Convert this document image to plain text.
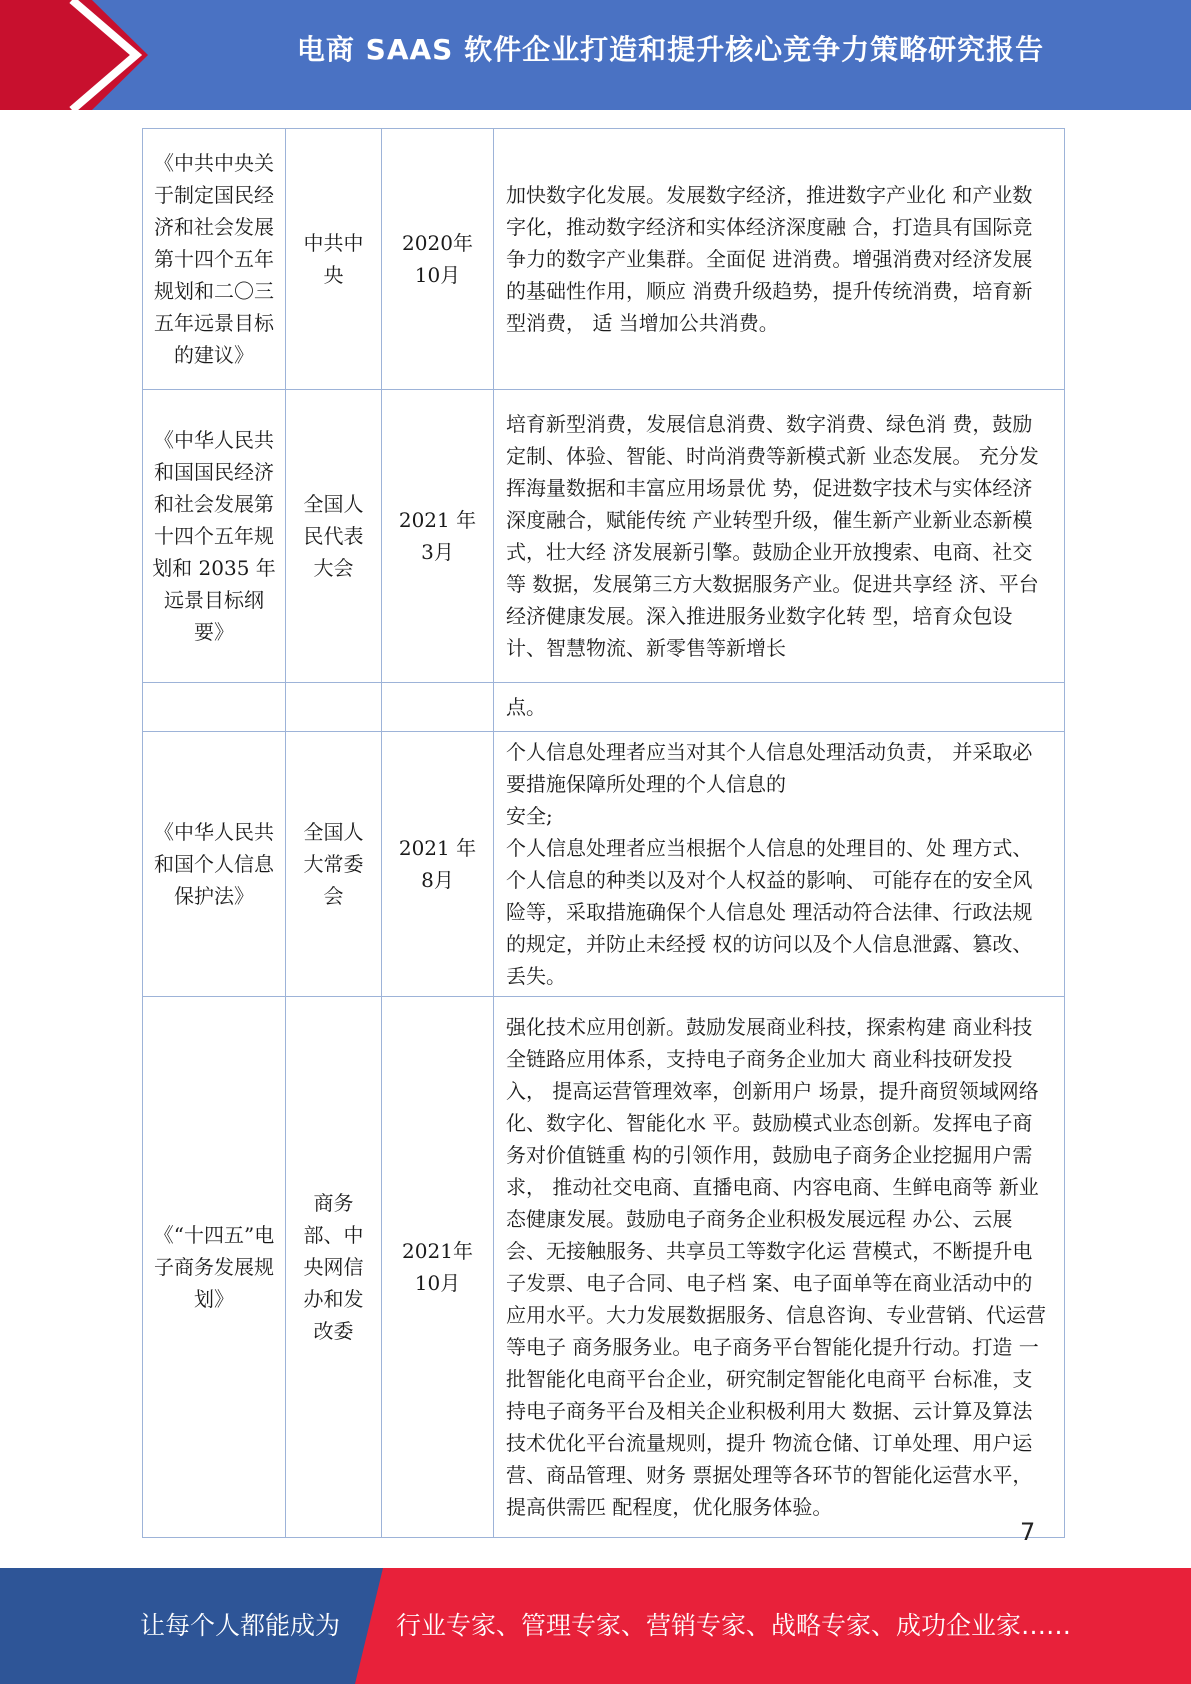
电商 SAAS 软件企业打造和提升核心竞争力策略研究报告
《中共中央关于制定国民经济和社会发展第十四个五年规划和二〇三五年远景目标的建议》	中共中央	2020年 10月	加快数字化发展。发展数字经济，推进数字产业化 和产业数字化，推动数字经济和实体经济深度融 合，打造具有国际竞争力的数字产业集群。全面促 进消费。增强消费对经济发展的基础性作用，顺应 消费升级趋势，提升传统消费，培育新型消费， 适 当增加公共消费。
《中华人民共和国国民经济和社会发展第十四个五年规划和 2035 年远景目标纲要》	全国人民代表大会	2021 年 3月	培育新型消费，发展信息消费、数字消费、绿色消 费，鼓励定制、体验、智能、时尚消费等新模式新 业态发展。 充分发挥海量数据和丰富应用场景优 势，促进数字技术与实体经济深度融合，赋能传统 产业转型升级，催生新产业新业态新模式，壮大经 济发展新引擎。鼓励企业开放搜索、电商、社交等 数据，发展第三方大数据服务产业。促进共享经 济、平台经济健康发展。深入推进服务业数字化转 型，培育众包设计、智慧物流、新零售等新增长
			点。
《中华人民共和国个人信息保护法》	全国人大常委会	2021 年 8月	个人信息处理者应当对其个人信息处理活动负责， 并采取必要措施保障所处理的个人信息的

安全;

个人信息处理者应当根据个人信息的处理目的、处 理方式、个人信息的种类以及对个人权益的影响、 可能存在的安全风险等，采取措施确保个人信息处 理活动符合法律、行政法规的规定，并防止未经授 权的访问以及个人信息泄露、篡改、丢失。

《“十四五”电子商务发展规划》	商务部、中央网信办和发改委	2021年 10月	强化技术应用创新。鼓励发展商业科技，探索构建 商业科技全链路应用体系，支持电子商务企业加大 商业科技研发投入， 提高运营管理效率，创新用户 场景，提升商贸领域网络化、数字化、智能化水 平。鼓励模式业态创新。发挥电子商务对价值链重 构的引领作用，鼓励电子商务企业挖掘用户需求， 推动社交电商、直播电商、内容电商、生鲜电商等 新业态健康发展。鼓励电子商务企业积极发展远程 办公、云展会、无接触服务、共享员工等数字化运 营模式，不断提升电子发票、电子合同、电子档 案、电子面单等在商业活动中的应用水平。大力发展数据服务、信息咨询、专业营销、代运营等电子 商务服务业。电子商务平台智能化提升行动。打造 一批智能化电商平台企业，研究制定智能化电商平 台标准，支持电子商务平台及相关企业积极利用大 数据、云计算及算法技术优化平台流量规则，提升 物流仓储、订单处理、用户运营、商品管理、财务 票据处理等各环节的智能化运营水平， 提高供需匹 配程度，优化服务体验。
7
让每个人都能成为 行业专家、管理专家、营销专家、战略专家、成功企业家……
